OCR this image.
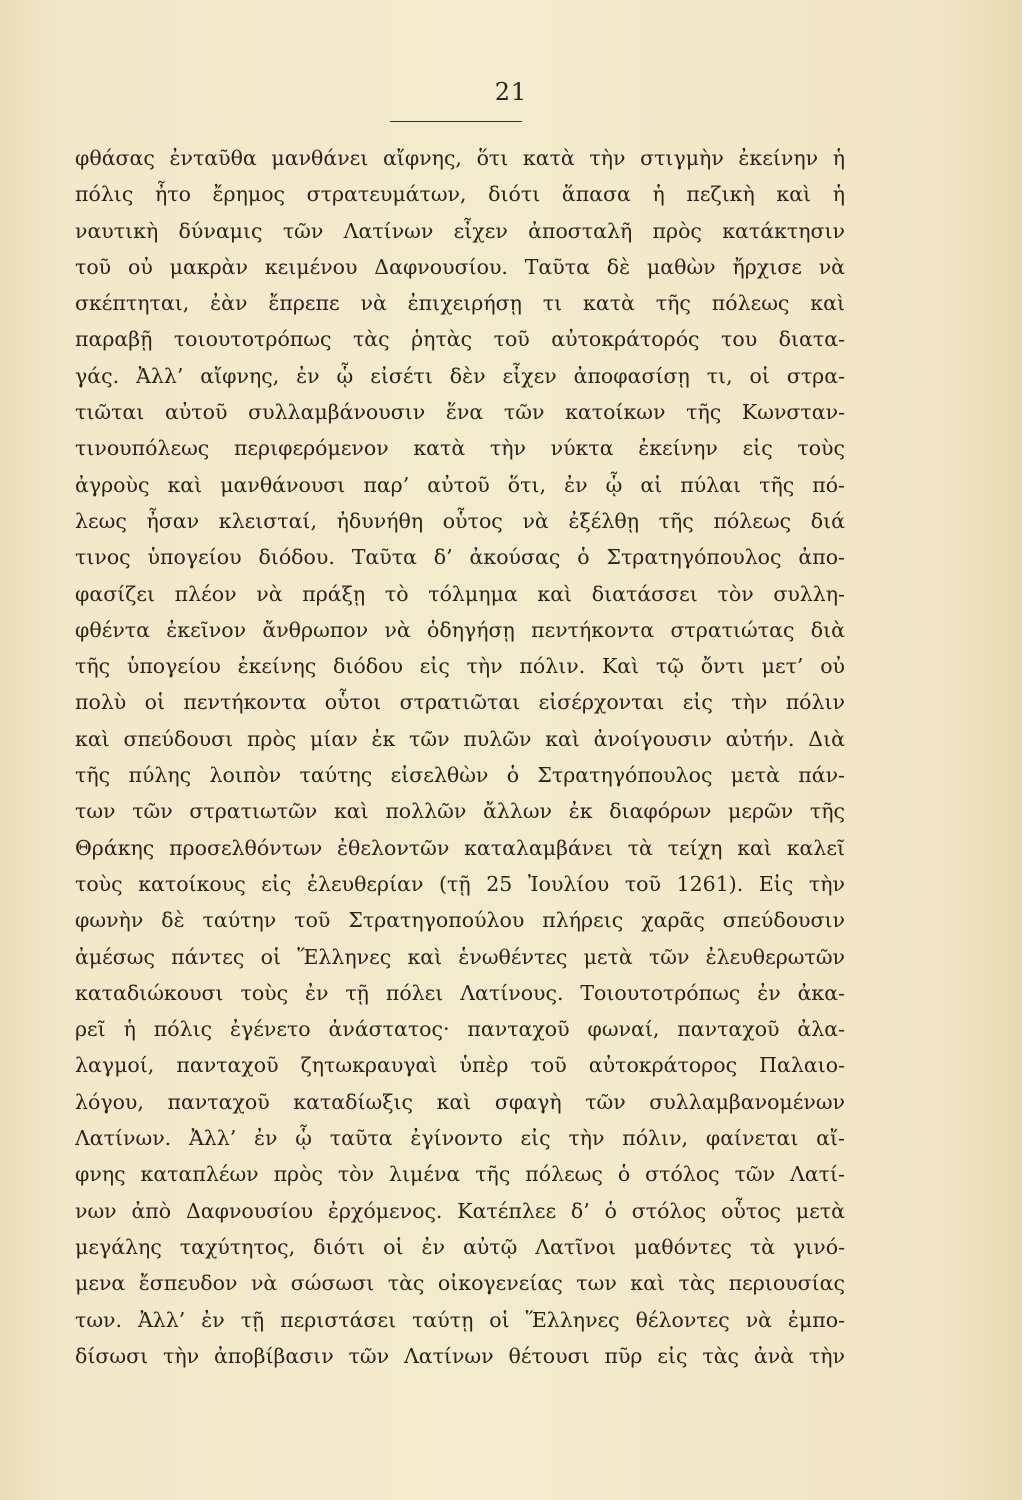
21
φθάσας ἐνταῦθα μανθάνει αἴφνης, ὅτι κατὰ τὴν στιγμὴν ἐκείνην ἡ
πόλις ἦτο ἔρημος στρατευμάτων, διότι ἅπασα ἡ πεζικὴ καὶ ἡ
ναυτικὴ δύναμις τῶν Λατίνων εἶχεν ἀποσταλῆ πρὸς κατάκτησιν
τοῦ οὐ μακρὰν κειμένου Δαφνουσίου. Ταῦτα δὲ μαθὼν ἤρχισε νὰ
σκέπτηται, ἐὰν ἔπρεπε νὰ ἐπιχειρήσῃ τι κατὰ τῆς πόλεως καὶ
παραβῇ τοιουτοτρόπως τὰς ῥητὰς τοῦ αὐτοκράτορός του διατα-
γάς. Ἀλλ’ αἴφνης, ἐν ᾧ εἰσέτι δὲν εἶχεν ἀποφασίσῃ τι, οἱ στρα-
τιῶται αὐτοῦ συλλαμβάνουσιν ἕνα τῶν κατοίκων τῆς Κωνσταν-
τινουπόλεως περιφερόμενον κατὰ τὴν νύκτα ἐκείνην εἰς τοὺς
ἀγροὺς καὶ μανθάνουσι παρ’ αὐτοῦ ὅτι, ἐν ᾧ αἱ πύλαι τῆς πό-
λεως ἦσαν κλεισταί, ἠδυνήθη οὗτος νὰ ἐξέλθῃ τῆς πόλεως διά
τινος ὑπογείου διόδου. Ταῦτα δ’ ἀκούσας ὁ Στρατηγόπουλος ἀπο-
φασίζει πλέον νὰ πράξῃ τὸ τόλμημα καὶ διατάσσει τὸν συλλη-
φθέντα ἐκεῖνον ἄνθρωπον νὰ ὁδηγήσῃ πεντήκοντα στρατιώτας διὰ
τῆς ὑπογείου ἐκείνης διόδου εἰς τὴν πόλιν. Καὶ τῷ ὄντι μετ’ οὐ
πολὺ οἱ πεντήκοντα οὗτοι στρατιῶται εἰσέρχονται εἰς τὴν πόλιν
καὶ σπεύδουσι πρὸς μίαν ἐκ τῶν πυλῶν καὶ ἀνοίγουσιν αὐτήν. Διὰ
τῆς πύλης λοιπὸν ταύτης εἰσελθὼν ὁ Στρατηγόπουλος μετὰ πάν-
των τῶν στρατιωτῶν καὶ πολλῶν ἄλλων ἐκ διαφόρων μερῶν τῆς
Θράκης προσελθόντων ἐθελοντῶν καταλαμβάνει τὰ τείχη καὶ καλεῖ
τοὺς κατοίκους εἰς ἐλευθερίαν (τῇ 25 Ἰουλίου τοῦ 1261). Εἰς τὴν
φωνὴν δὲ ταύτην τοῦ Στρατηγοπούλου πλήρεις χαρᾶς σπεύδουσιν
ἀμέσως πάντες οἱ Ἕλληνες καὶ ἑνωθέντες μετὰ τῶν ἐλευθερωτῶν
καταδιώκουσι τοὺς ἐν τῇ πόλει Λατίνους. Τοιουτοτρόπως ἐν ἀκα-
ρεῖ ἡ πόλις ἐγένετο ἀνάστατος· πανταχοῦ φωναί, πανταχοῦ ἀλα-
λαγμοί, πανταχοῦ ζητωκραυγαὶ ὑπὲρ τοῦ αὐτοκράτορος Παλαιο-
λόγου, πανταχοῦ καταδίωξις καὶ σφαγὴ τῶν συλλαμβανομένων
Λατίνων. Ἀλλ’ ἐν ᾧ ταῦτα ἐγίνοντο εἰς τὴν πόλιν, φαίνεται αἴ-
φνης καταπλέων πρὸς τὸν λιμένα τῆς πόλεως ὁ στόλος τῶν Λατί-
νων ἀπὸ Δαφνουσίου ἐρχόμενος. Κατέπλεε δ’ ὁ στόλος οὗτος μετὰ
μεγάλης ταχύτητος, διότι οἱ ἐν αὐτῷ Λατῖνοι μαθόντες τὰ γινό-
μενα ἔσπευδον νὰ σώσωσι τὰς οἰκογενείας των καὶ τὰς περιουσίας
των. Ἀλλ’ ἐν τῇ περιστάσει ταύτῃ οἱ Ἕλληνες θέλοντες νὰ ἐμπο-
δίσωσι τὴν ἀποβίβασιν τῶν Λατίνων θέτουσι πῦρ εἰς τὰς ἀνὰ τὴν
